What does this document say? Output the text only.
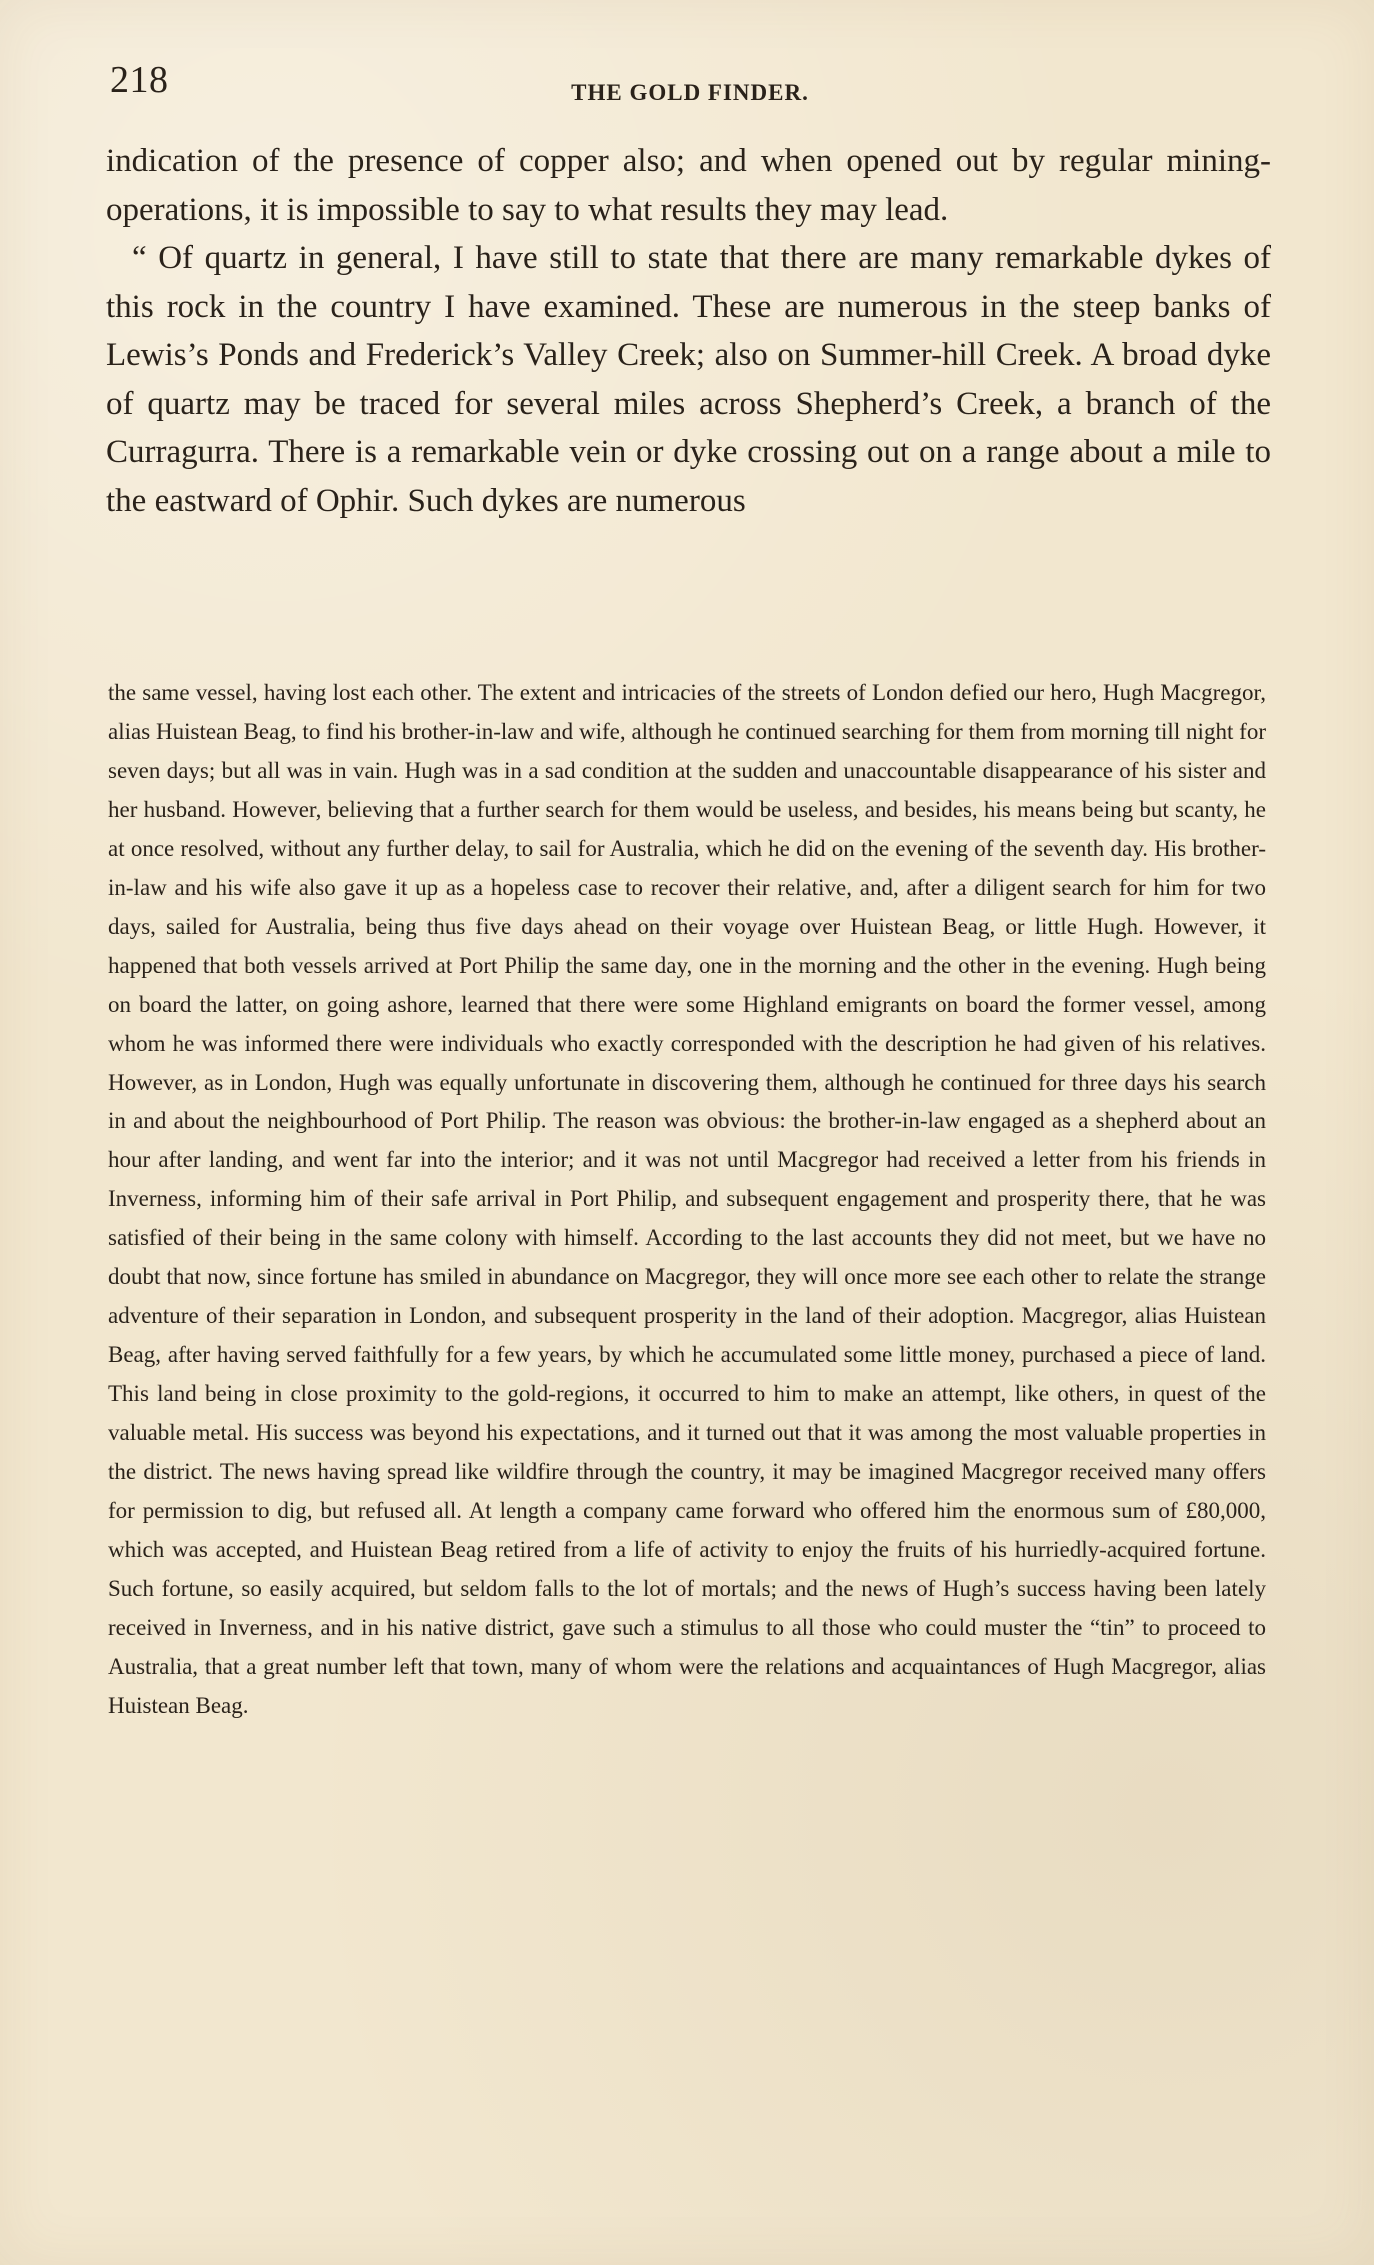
218	THE GOLD FINDER.

indication of the presence of copper also; and when opened out by regular mining-operations, it is impossible to say to what results they may lead.

“ Of quartz in general, I have still to state that there are many remarkable dykes of this rock in the country I have examined. These are numerous in the steep banks of Lewis’s Ponds and Frederick’s Valley Creek; also on Summer-hill Creek. A broad dyke of quartz may be traced for several miles across Shepherd’s Creek, a branch of the Curragurra. There is a remarkable vein or dyke crossing out on a range about a mile to the eastward of Ophir. Such dykes are numerous

the same vessel, having lost each other. The extent and intricacies of the streets of London defied our hero, Hugh Macgregor, alias Huistean Beag, to find his brother-in-law and wife, although he continued searching for them from morning till night for seven days; but all was in vain. Hugh was in a sad condition at the sudden and unaccountable disappearance of his sister and her husband. However, believing that a further search for them would be useless, and besides, his means being but scanty, he at once resolved, without any further delay, to sail for Australia, which he did on the evening of the seventh day. His brother-in-law and his wife also gave it up as a hopeless case to recover their relative, and, after a diligent search for him for two days, sailed for Australia, being thus five days ahead on their voyage over Huistean Beag, or little Hugh. However, it happened that both vessels arrived at Port Philip the same day, one in the morning and the other in the evening. Hugh being on board the latter, on going ashore, learned that there were some Highland emigrants on board the former vessel, among whom he was informed there were individuals who exactly corresponded with the description he had given of his relatives. However, as in London, Hugh was equally unfortunate in discovering them, although he continued for three days his search in and about the neighbourhood of Port Philip. The reason was obvious: the brother-in-law engaged as a shepherd about an hour after landing, and went far into the interior; and it was not until Macgregor had received a letter from his friends in Inverness, informing him of their safe arrival in Port Philip, and subsequent engagement and prosperity there, that he was satisfied of their being in the same colony with himself. According to the last accounts they did not meet, but we have no doubt that now, since fortune has smiled in abundance on Macgregor, they will once more see each other to relate the strange adventure of their separation in London, and subsequent prosperity in the land of their adoption. Macgregor, alias Huistean Beag, after having served faithfully for a few years, by which he accumulated some little money, purchased a piece of land. This land being in close proximity to the gold-regions, it occurred to him to make an attempt, like others, in quest of the valuable metal. His success was beyond his expectations, and it turned out that it was among the most valuable properties in the district. The news having spread like wildfire through the country, it may be imagined Macgregor received many offers for permission to dig, but refused all. At length a company came forward who offered him the enormous sum of £80,000, which was accepted, and Huistean Beag retired from a life of activity to enjoy the fruits of his hurriedly-acquired fortune. Such fortune, so easily acquired, but seldom falls to the lot of mortals; and the news of Hugh’s success having been lately received in Inverness, and in his native district, gave such a stimulus to all those who could muster the “tin” to proceed to Australia, that a great number left that town, many of whom were the relations and acquaintances of Hugh Macgregor, alias Huistean Beag.
